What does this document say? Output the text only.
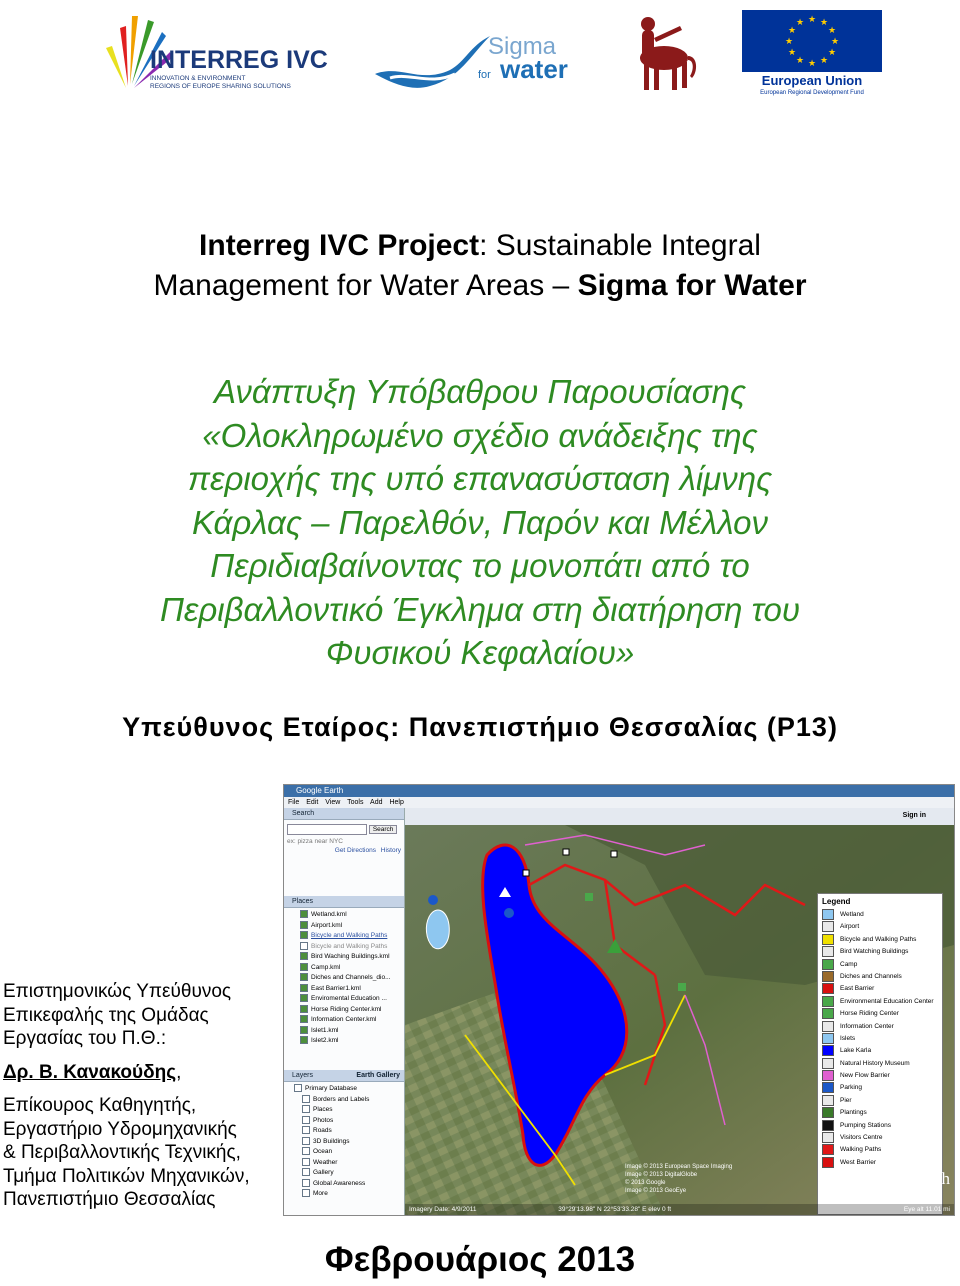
INTERREG IVC
INNOVATION & ENVIRONMENT
REGIONS OF EUROPE SHARING SOLUTIONS
Sigma
for water
★ ★
★
★
★
★
★
★
★
★
★
★
European Union
European Regional Development Fund
Interreg IVC Project: Sustainable Integral
Management for Water Areas – Sigma for Water
Ανάπτυξη Υπόβαθρου Παρουσίασης
«Ολοκληρωμένο σχέδιο ανάδειξης της
περιοχής της υπό επανασύσταση λίμνης
Κάρλας – Παρελθόν, Παρόν και Μέλλον
Περιδιαβαίνοντας το μονοπάτι από το
Περιβαλλοντικό Έγκλημα στη διατήρηση του
Φυσικού Κεφαλαίου»
Υπεύθυνος Εταίρος: Πανεπιστήμιο Θεσσαλίας (P13)
Google Earth
File Edit View Tools Add Help
Search
Search
ex: pizza near NYC
Get Directions History
Places
Wetland.kml
Airport.kml
Bicycle and Walking Paths
Bicycle and Walking Paths
Bird Waching Buildings.kml
Camp.kml
Diches and Channels_dio...
East Barrier1.kml
Enviromental Education ...
Horse Riding Center.kml
Information Center.kml
Islet1.kml
Islet2.kml
Layers	Earth Gallery
Primary Database
Borders and Labels
Places
Photos
Roads
3D Buildings
Ocean
Weather
Gallery
Global Awareness
More
Sign in
Legend
Wetland
Airport
Bicycle and Walking Paths
Bird Watching Buildings
Camp
Diches and Channels
East Barrier
Environmental Education Center
Horse Riding Center
Information Center
Islets
Lake Karla
Natural History Museum
New Flow Barrier
Parking
Pier
Plantings
Pumping Stations
Visitors Centre
Walking Paths
West Barrier
Image © 2013 European Space Imaging
Image © 2013 DigitalGlobe
© 2013 Google
Image © 2013 GeoEye
Google earth
Imagery Date: 4/9/2011	39°29'13.98" N 22°53'33.28" E elev 0 ft	Eye alt 11.01 mi

Επιστημονικώς Υπεύθυνος

Επικεφαλής της Ομάδας

Εργασίας του Π.Θ.:

Δρ. Β. Κανακούδης,

Επίκουρος Καθηγητής,

Εργαστήριο Υδρομηχανικής

& Περιβαλλοντικής Τεχνικής,

Τμήμα Πολιτικών Μηχανικών,

Πανεπιστήμιο Θεσσαλίας

Φεβρουάριος 2013
